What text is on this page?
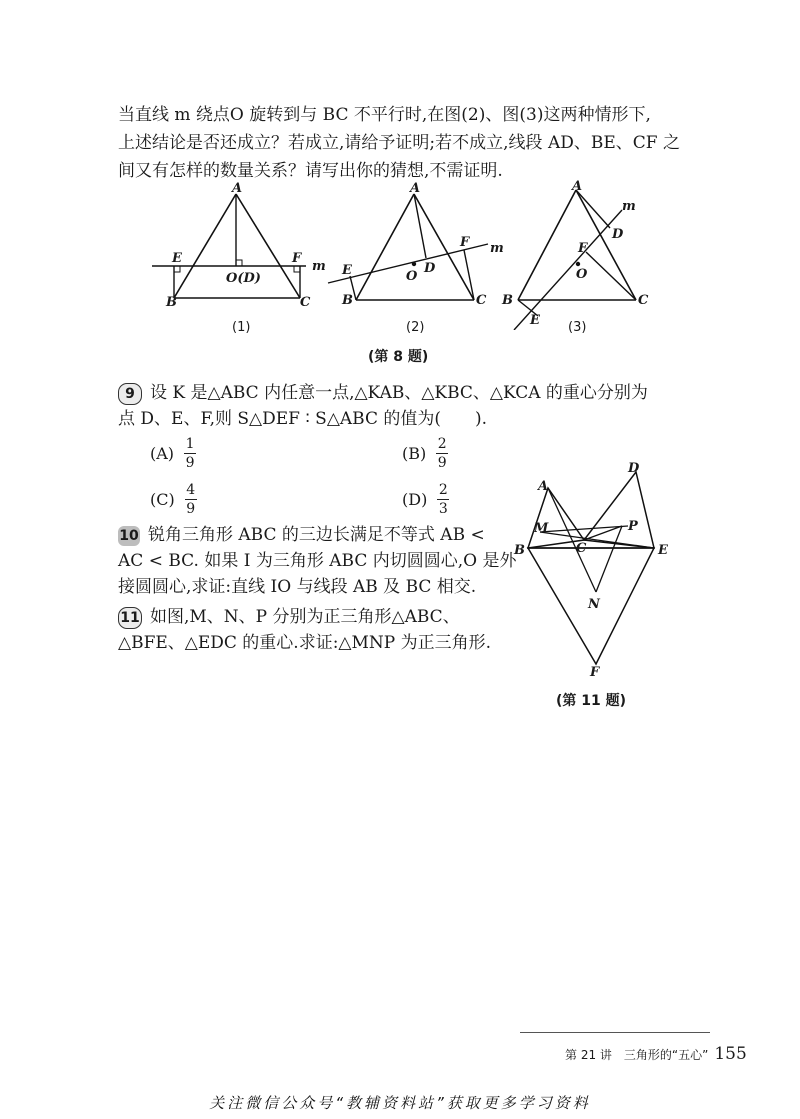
当直线 m 绕点O 旋转到与 BC 不平行时,在图(2)、图(3)这两种情形下,

上述结论是否还成立？若成立,请给予证明;若不成立,线段 AD、BE、CF 之

间又有怎样的数量关系？请写出你的猜想,不需证明.

A
E	F
m
O(D)
B	C
(1)
A
E
F
D
O
m
B	C
(2)
A
m
D
F
O
B	C
E (3)
(第 8 题)

9 设 K 是△ABC 内任意一点,△KAB、△KBC、△KCA 的重心分别为

点 D、E、F,则 S△DEF ∶ S△ABC 的值为(　　).

$(A) \frac{1}{9}$	$(B) \frac{2}{9}$
$(C) \frac{4}{9}$	$(D) \frac{2}{3}$

10 锐角三角形 ABC 的三边长满足不等式 AB <

AC < BC. 如果 I 为三角形 ABC 内切圆圆心,O 是外

接圆圆心,求证:直线 IO 与线段 AB 及 BC 相交.

11 如图,M、N、P 分别为正三角形△ABC、

△BFE、△EDC 的重心.求证:△MNP 为正三角形.

A
D
M	P
B	C	E
N
F
(第 11 题)
第 21 讲　三角形的“五心” 155
关注微信公众号“教辅资料站”获取更多学习资料
